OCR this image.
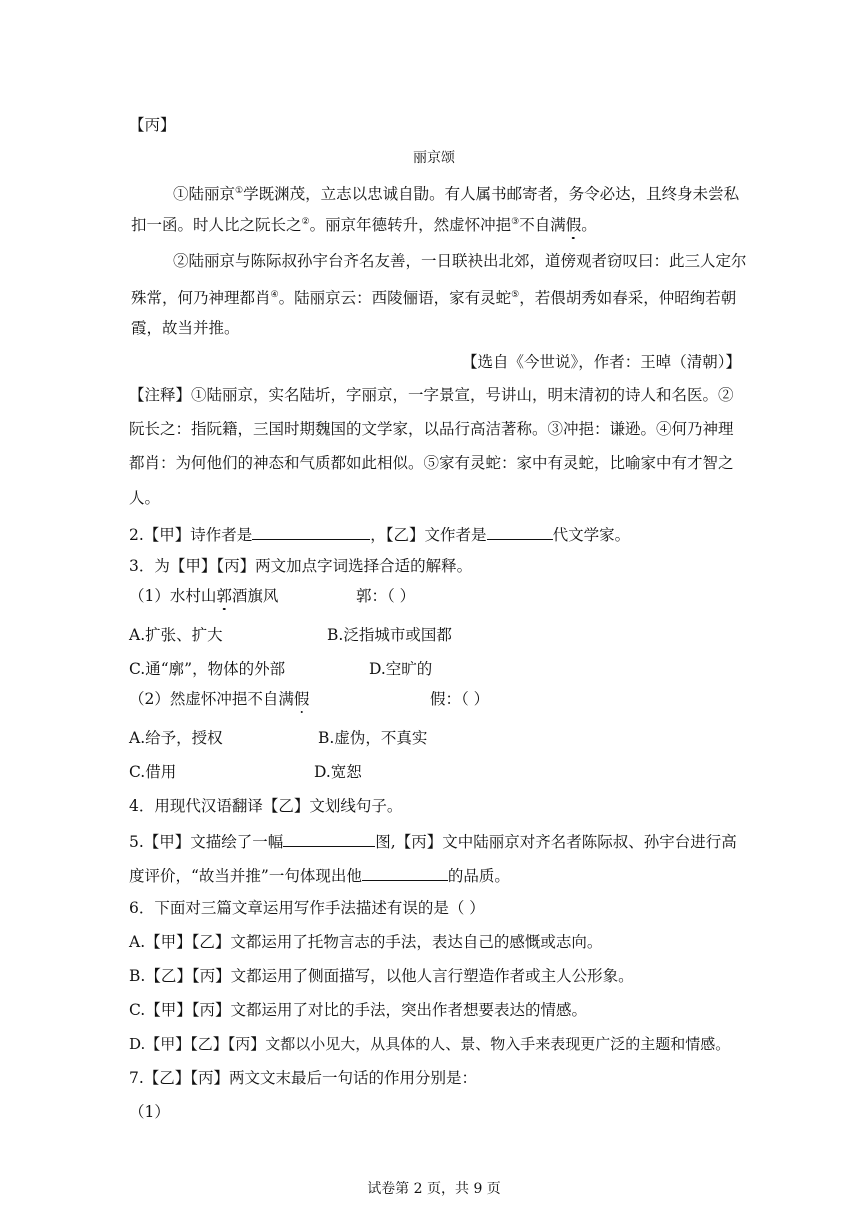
【丙】
丽京颂
①陆丽京①学既渊茂，立志以忠诚自勖。有人属书邮寄者，务令必达，且终身未尝私
扣一函。时人比之阮长之②。丽京年德转升，然虚怀冲挹③不自满假。
②陆丽京与陈际叔孙宇台齐名友善，一日联袂出北郊，道傍观者窃叹曰：此三人定尔
殊常，何乃神理都肖④。陆丽京云：西陵俪语，家有灵蛇⑤，若偎胡秀如春采，仲昭绚若朝
霞，故当并推。
【选自《今世说》，作者：王晫（清朝）】
【注释】①陆丽京，实名陆圻，字丽京，一字景宣，号讲山，明末清初的诗人和名医。②
阮长之：指阮籍，三国时期魏国的文学家，以品行高洁著称。③冲挹：谦逊。④何乃神理
都肖：为何他们的神态和气质都如此相似。⑤家有灵蛇：家中有灵蛇，比喻家中有才智之
人。
2.【甲】诗作者是	，【乙】文作者是	代文学家。
3．为【甲】【丙】两文加点字词选择合适的解释。
（1）水村山郭酒旗风	郭：（ ）
A.扩张、扩大	B.泛指城市或国都
C.通“廓”，物体的外部	D.空旷的
（2）然虚怀冲挹不自满假	假：（ ）
A.给予，授权	B.虚伪，不真实
C.借用	D.宽恕
4．用现代汉语翻译【乙】文划线句子。
5.【甲】文描绘了一幅	图,【丙】文中陆丽京对齐名者陈际叔、孙宇台进行高
度评价，“故当并推”一句体现出他	的品质。
6．下面对三篇文章运用写作手法描述有误的是（ ）
A.【甲】【乙】文都运用了托物言志的手法，表达自己的感慨或志向。
B.【乙】【丙】文都运用了侧面描写，以他人言行塑造作者或主人公形象。
C.【甲】【丙】文都运用了对比的手法，突出作者想要表达的情感。
D.【甲】【乙】【丙】文都以小见大，从具体的人、景、物入手来表现更广泛的主题和情感。
7.【乙】【丙】两文文末最后一句话的作用分别是：
（1）
试卷第 2 页，共 9 页
